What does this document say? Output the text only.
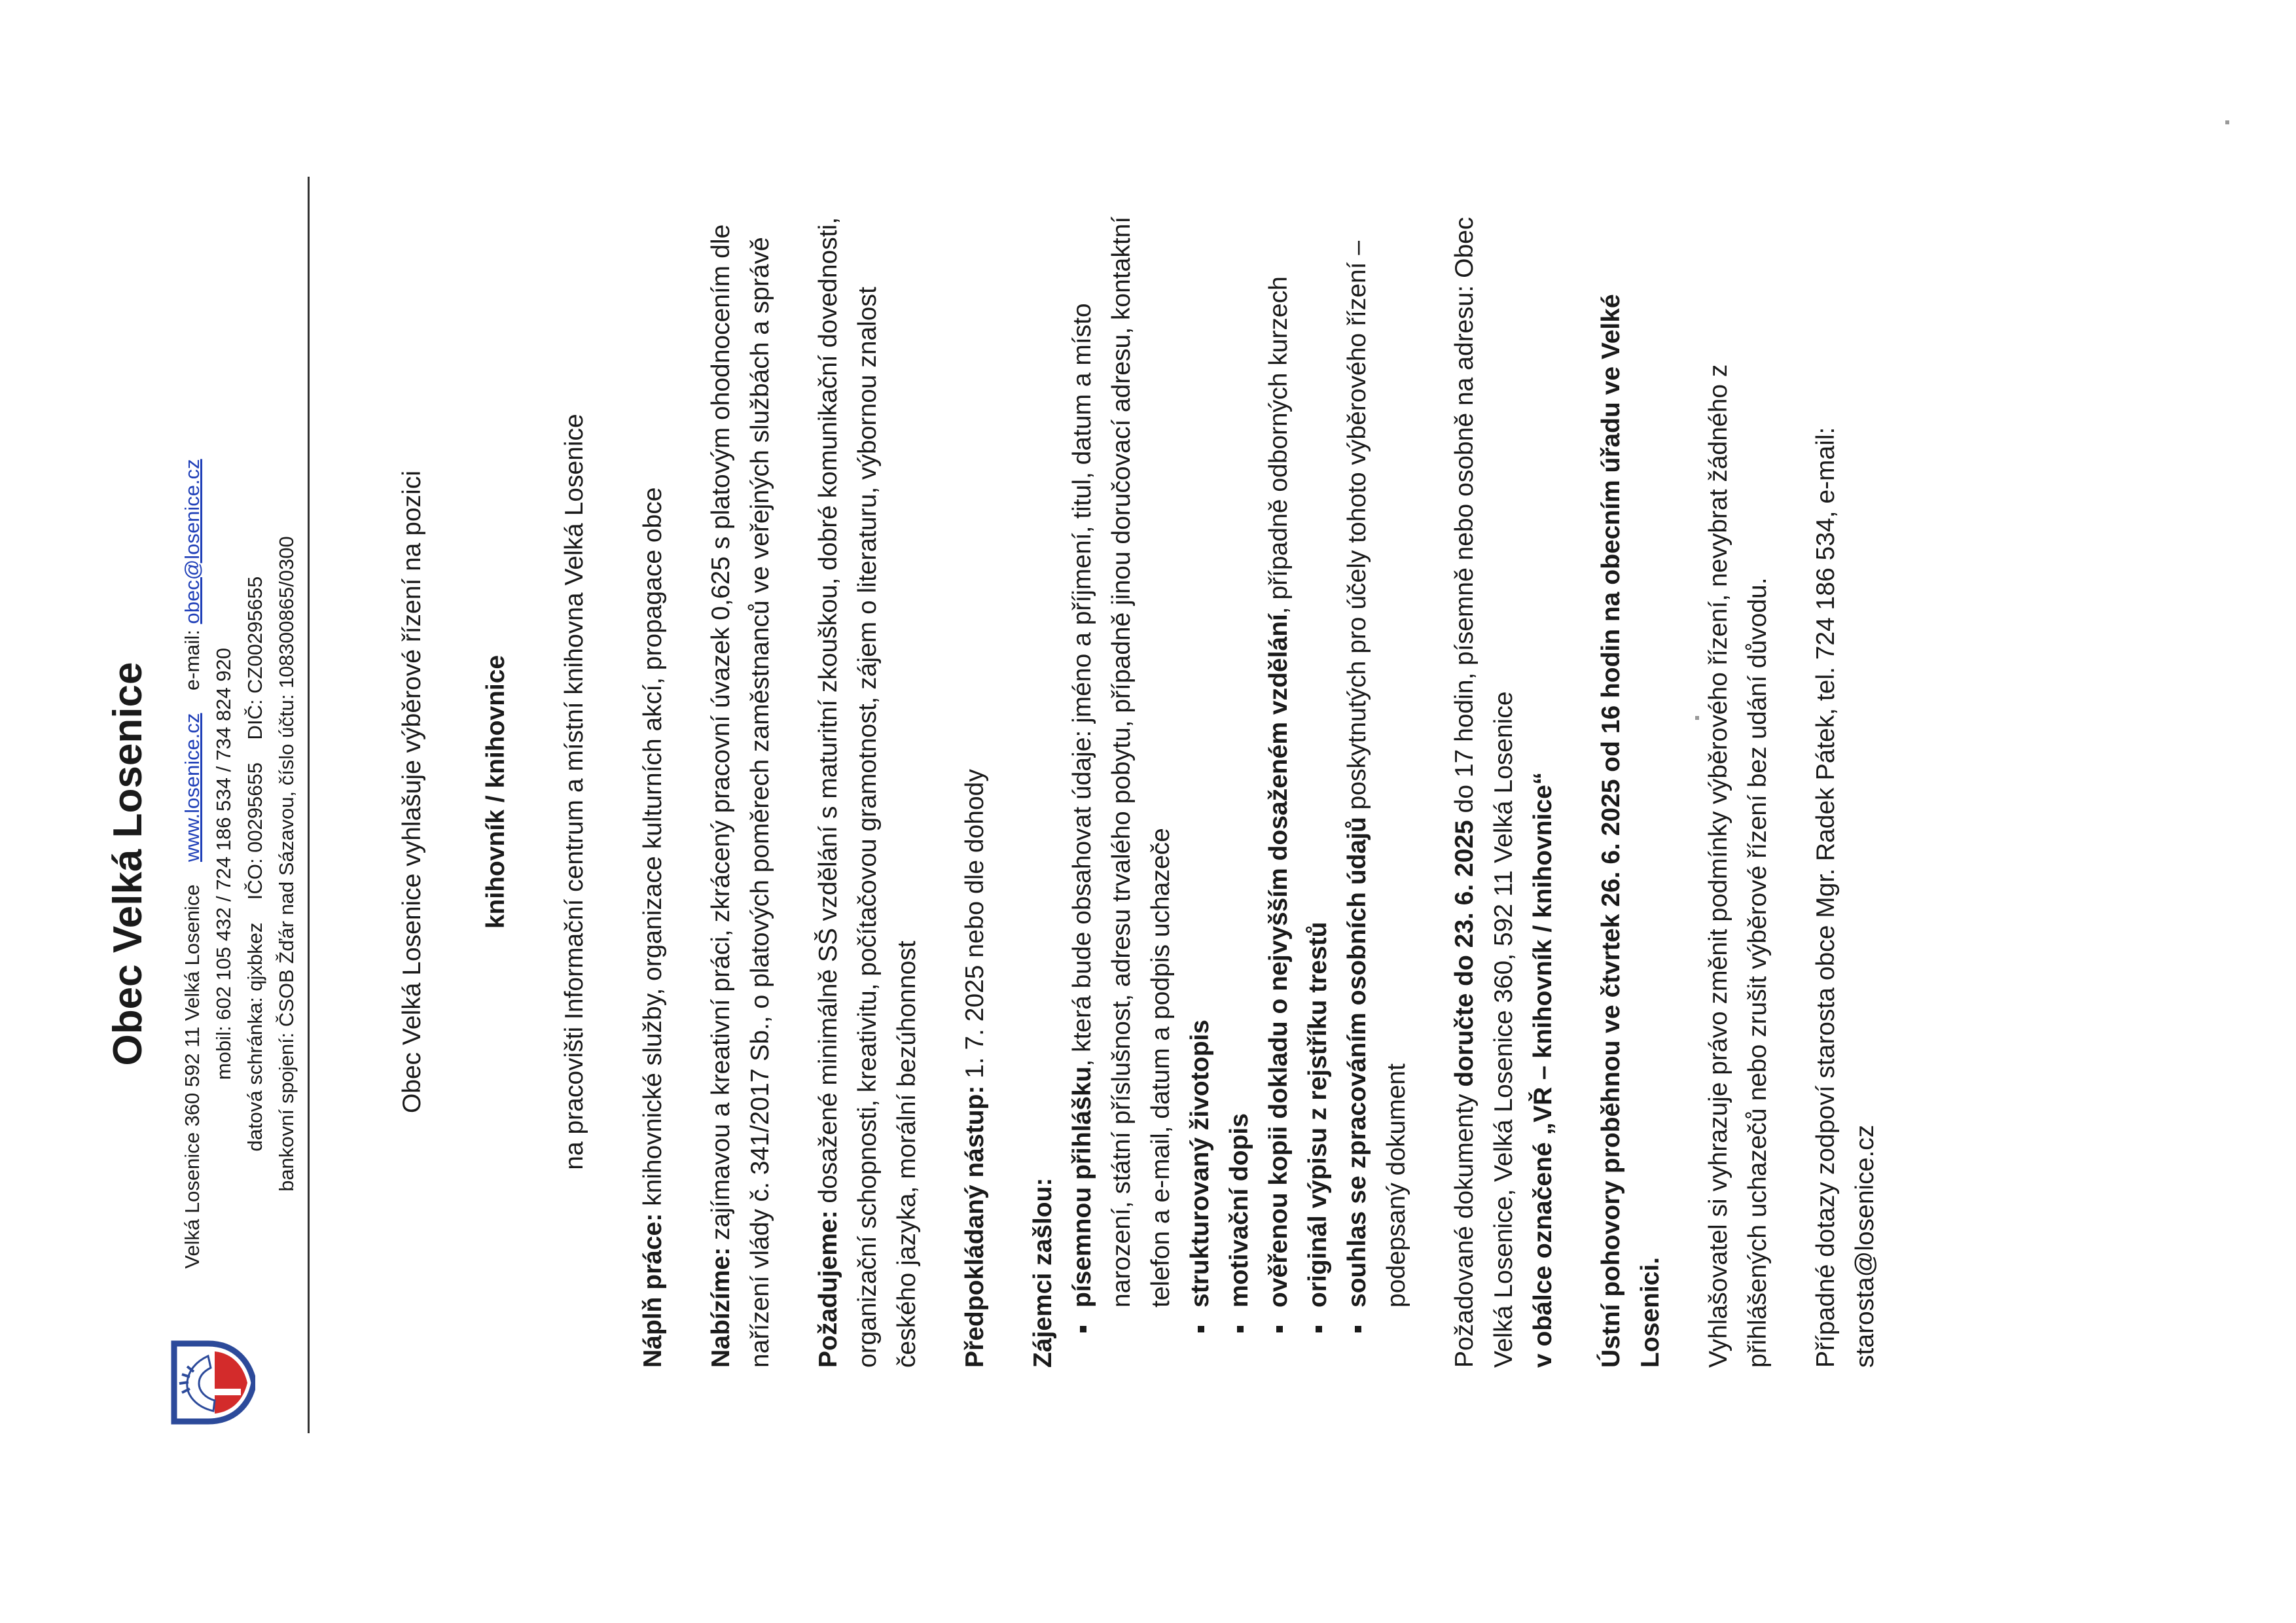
Obec Velká Losenice
Velká Losenice 360 592 11 Velká Losenice    www.losenice.cz    e-mail: obec@losenice.cz
mobil: 602 105 432 / 724 186 534 / 734 824 920 datová schránka: qjxbkez    IČO: 00295655    DIČ: CZ00295655 bankovní spojení: ČSOB Žďár nad Sázavou, číslo účtu: 108300865/0300	Obec Velká Losenice vyhlašuje výběrové řízení na pozici knihovník / knihovnice na pracovišti Informační centrum a místní knihovna Velká Losenice

Náplň práce: knihovnické služby, organizace kulturních akcí, propagace obce

Nabízíme: zajímavou a kreativní práci, zkrácený pracovní úvazek 0,625 s platovým ohodnocením dle nařízení vlády č. 341/2017 Sb., o platových poměrech zaměstnanců ve veřejných službách a správě Požadujeme: dosažené minimálně SŠ vzdělání s maturitní zkouškou, dobré komunikační dovednosti, organizační schopnosti, kreativitu, počítačovou gramotnost, zájem o literaturu, výbornou znalost českého jazyka, morální bezúhonnost Předpokládaný nástup: 1. 7. 2025 nebo dle dohody

Zájemci zašlou: písemnou přihlášku, která bude obsahovat údaje: jméno a příjmení, titul, datum a místo narození, státní příslušnost, adresu trvalého pobytu, případně jinou doručovací adresu, kontaktní telefon a e-mail, datum a podpis uchazeče strukturovaný životopis motivační dopis ověřenou kopii dokladu o nejvyšším dosaženém vzdělání, případně odborných kurzech
originál výpisu z rejstříku trestů souhlas se zpracováním osobních údajů poskytnutých pro účely tohoto výběrového řízení – podepsaný dokument Požadované dokumenty doručte do 23. 6. 2025 do 17 hodin, písemně nebo osobně na adresu: Obec Velká Losenice, Velká Losenice 360, 592 11 Velká Losenice v obálce označené „VŘ – knihovník / knihovnice“ Ústní pohovory proběhnou ve čtvrtek 26. 6. 2025 od 16 hodin na obecním úřadu ve Velké Losenici. Vyhlašovatel si vyhrazuje právo změnit podmínky výběrového řízení, nevybrat žádného z přihlášených uchazečů nebo zrušit výběrové řízení bez udání důvodu. Případné dotazy zodpoví starosta obce Mgr. Radek Pátek, tel. 724 186 534, e-mail: starosta@losenice.cz
